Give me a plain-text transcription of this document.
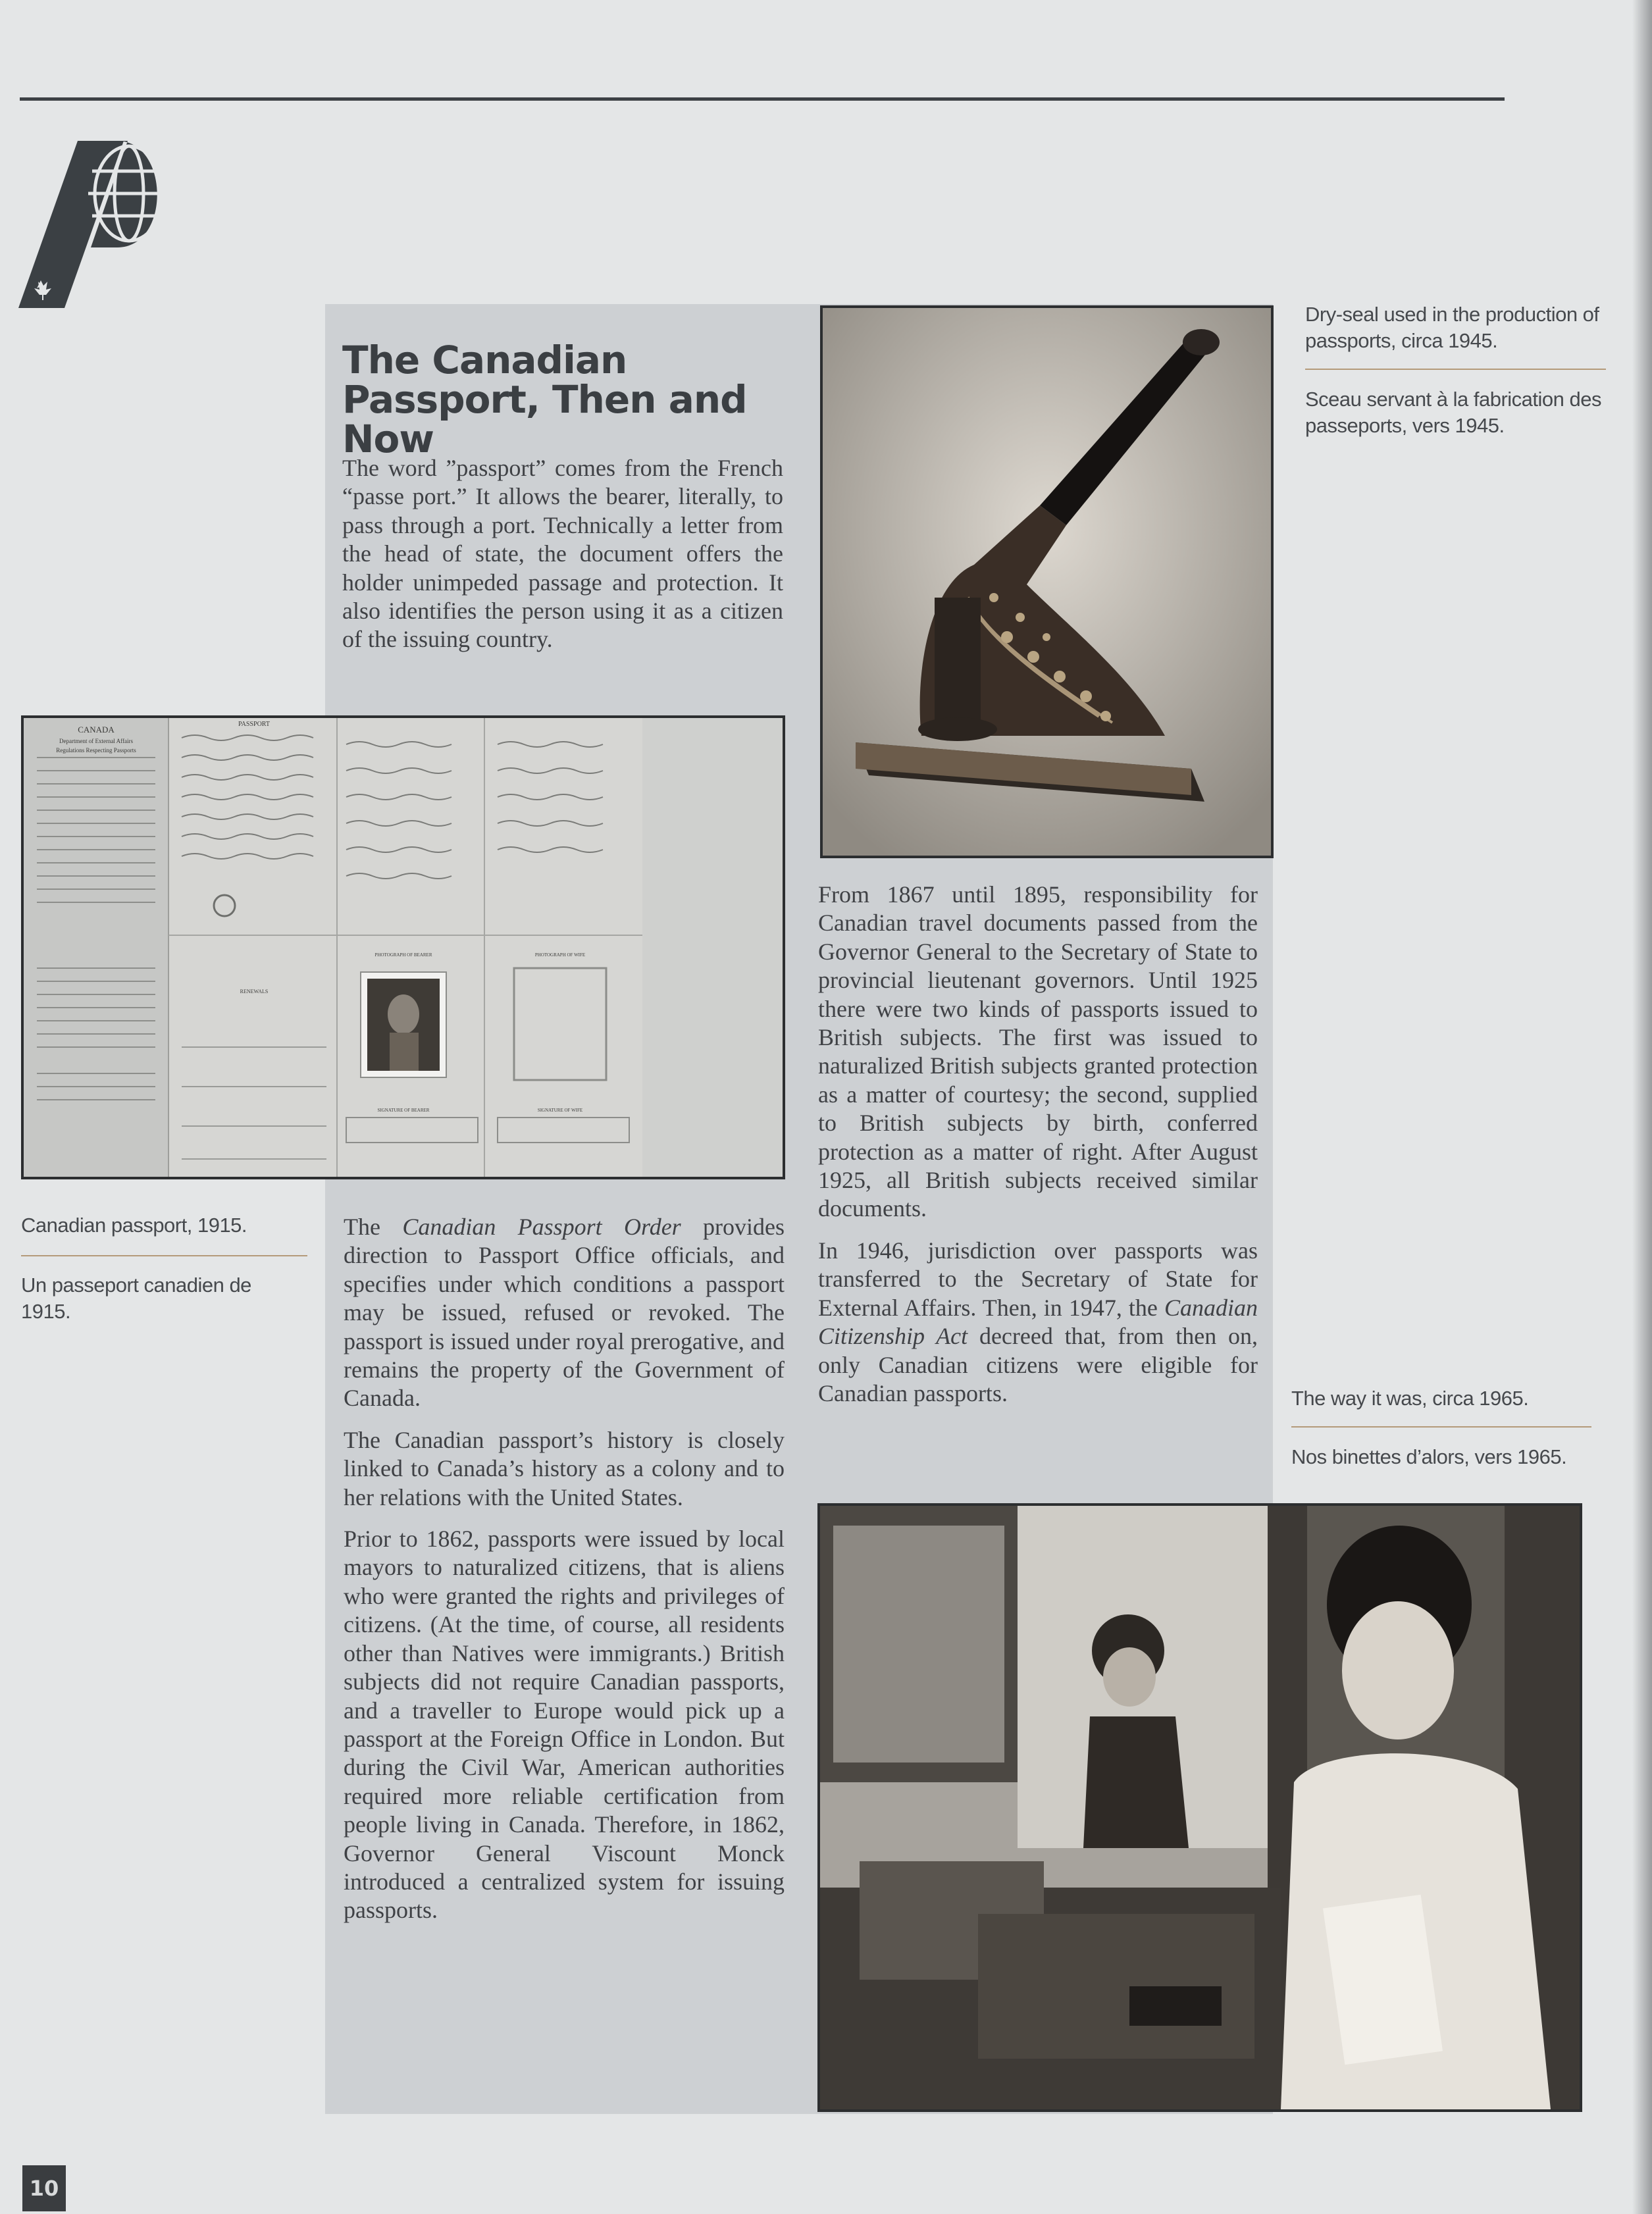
The Canadian Passport, Then and Now

The word ”passport” comes from the French “passe port.” It allows the bearer, literally, to pass through a port. Technically a letter from the head of state, the document offers the holder unimpeded passage and protection. It also identifies the person using it as a citizen of the issuing country.

CANADA
Department of External Affairs
Regulations Respecting Passports
PASSPORT
RENEWALS
PHOTOGRAPH OF BEARER
SIGNATURE OF BEARER
PHOTOGRAPH OF WIFE
SIGNATURE OF WIFE
Dry-seal used in the production of passports, circa 1945.
Sceau servant à la fabrication des passeports, vers 1945.
Canadian passport, 1915.
Un passeport canadien de 1915.
The way it was, circa 1965.
Nos binettes d’alors, vers 1965.

The Canadian Passport Order provides direction to Passport Office officials, and specifies under which conditions a passport may be issued, refused or revoked. The passport is issued under royal prerogative, and remains the property of the Government of Canada.

The Canadian passport’s history is closely linked to Canada’s history as a colony and to her relations with the United States.

Prior to 1862, passports were issued by local mayors to naturalized citizens, that is aliens who were granted the rights and privileges of citizens. (At the time, of course, all residents other than Natives were immigrants.) British subjects did not require Canadian passports, and a traveller to Europe would pick up a passport at the Foreign Office in London. But during the Civil War, American authorities required more reliable certification from people living in Canada. Therefore, in 1862, Governor General Viscount Monck introduced a centralized system for issuing passports.

From 1867 until 1895, responsibility for Canadian travel documents passed from the Governor General to the Secretary of State to provincial lieutenant governors. Until 1925 there were two kinds of passports issued to British subjects. The first was issued to naturalized British subjects granted protection as a matter of courtesy; the second, supplied to British subjects by birth, conferred protection as a matter of right. After August 1925, all British subjects received similar documents.

In 1946, jurisdiction over passports was transferred to the Secretary of State for External Affairs. Then, in 1947, the Canadian Citizenship Act decreed that, from then on, only Canadian citizens were eligible for Canadian passports.

10
